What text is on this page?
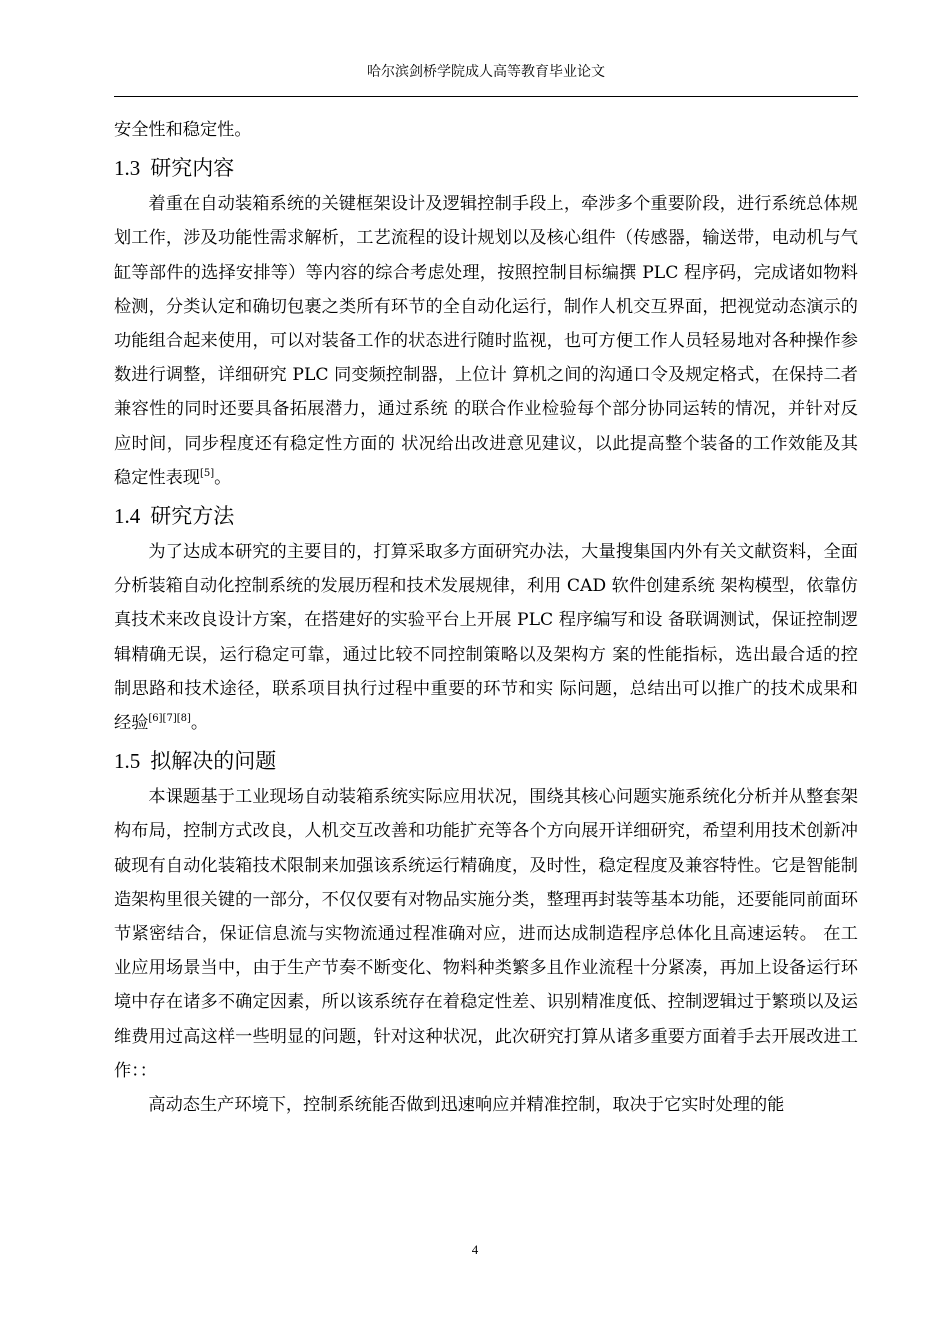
哈尔滨剑桥学院成人高等教育毕业论文

安全性和稳定性。

1.3 研究内容

着重在自动装箱系统的关键框架设计及逻辑控制手段上，牵涉多个重要阶段，进行系统总体规划工作，涉及功能性需求解析，工艺流程的设计规划以及核心组件（传感器，输送带，电动机与气缸等部件的选择安排等）等内容的综合考虑处理，按照控制目标编撰 PLC 程序码，完成诸如物料检测，分类认定和确切包裹之类所有环节的全自动化运行，制作人机交互界面，把视觉动态演示的功能组合起来使用，可以对装备工作的状态进行随时监视，也可方便工作人员轻易地对各种操作参数进行调整，详细研究 PLC 同变频控制器，上位计 算机之间的沟通口令及规定格式，在保持二者兼容性的同时还要具备拓展潜力，通过系统 的联合作业检验每个部分协同运转的情况，并针对反应时间，同步程度还有稳定性方面的 状况给出改进意见建议，以此提高整个装备的工作效能及其稳定性表现[5]。

1.4 研究方法

为了达成本研究的主要目的，打算采取多方面研究办法，大量搜集国内外有关文献资料，全面分析装箱自动化控制系统的发展历程和技术发展规律，利用 CAD 软件创建系统 架构模型，依靠仿真技术来改良设计方案，在搭建好的实验平台上开展 PLC 程序编写和设 备联调测试，保证控制逻辑精确无误，运行稳定可靠，通过比较不同控制策略以及架构方 案的性能指标，选出最合适的控制思路和技术途径，联系项目执行过程中重要的环节和实 际问题，总结出可以推广的技术成果和经验[6][7][8]。

1.5 拟解决的问题

本课题基于工业现场自动装箱系统实际应用状况，围绕其核心问题实施系统化分析并从整套架构布局，控制方式改良，人机交互改善和功能扩充等各个方向展开详细研究，希望利用技术创新冲破现有自动化装箱技术限制来加强该系统运行精确度，及时性，稳定程度及兼容特性。它是智能制造架构里很关键的一部分，不仅仅要有对物品实施分类，整理再封装等基本功能，还要能同前面环节紧密结合，保证信息流与实物流通过程准确对应，进而达成制造程序总体化且高速运转。 在工业应用场景当中，由于生产节奏不断变化、物料种类繁多且作业流程十分紧凑，再加上设备运行环境中存在诸多不确定因素，所以该系统存在着稳定性差、识别精准度低、控制逻辑过于繁琐以及运维费用过高这样一些明显的问题，针对这种状况，此次研究打算从诸多重要方面着手去开展改进工作：：

高动态生产环境下，控制系统能否做到迅速响应并精准控制，取决于它实时处理的能

4
